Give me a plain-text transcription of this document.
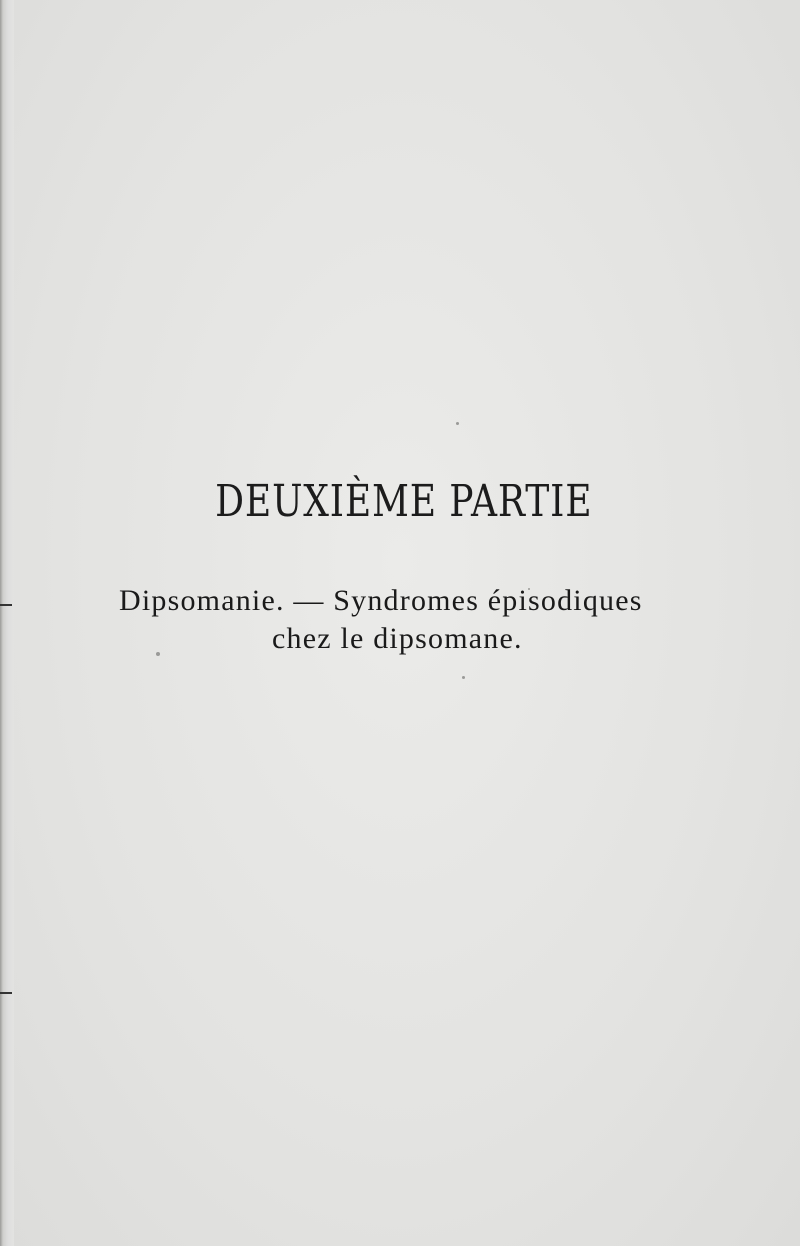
DEUXIÈME PARTIE
Dipsomanie. — Syndromes épisodiques
chez le dipsomane.
